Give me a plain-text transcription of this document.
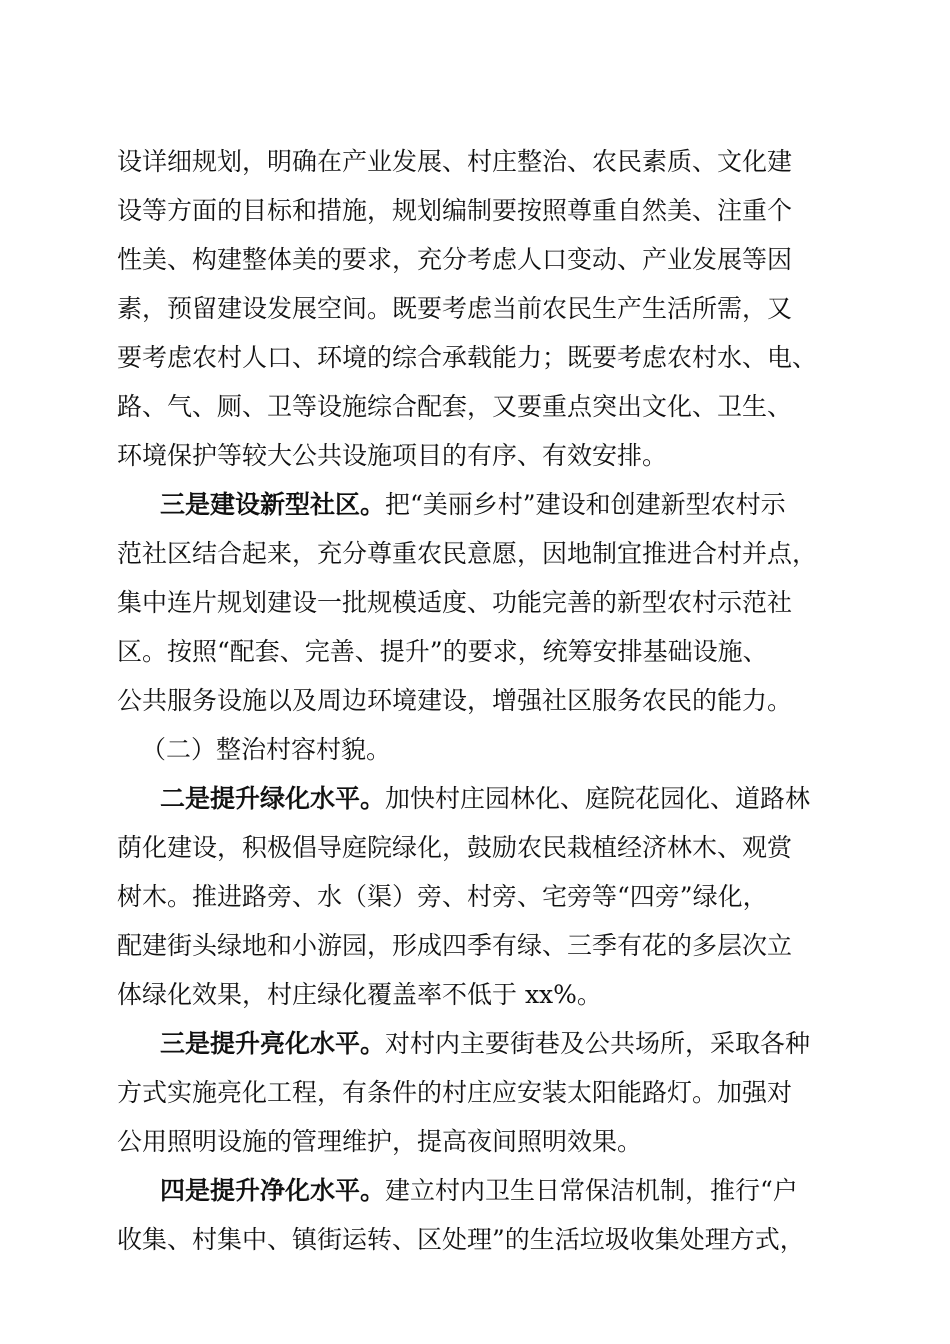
设详细规划，明确在产业发展、村庄整治、农民素质、文化建
设等方面的目标和措施，规划编制要按照尊重自然美、注重个
性美、构建整体美的要求，充分考虑人口变动、产业发展等因
素，预留建设发展空间。既要考虑当前农民生产生活所需，又
要考虑农村人口、环境的综合承载能力；既要考虑农村水、电、
路、气、厕、卫等设施综合配套，又要重点突出文化、卫生、
环境保护等较大公共设施项目的有序、有效安排。
三是建设新型社区。把“美丽乡村”建设和创建新型农村示
范社区结合起来，充分尊重农民意愿，因地制宜推进合村并点，
集中连片规划建设一批规模适度、功能完善的新型农村示范社
区。按照“配套、完善、提升”的要求，统筹安排基础设施、
公共服务设施以及周边环境建设，增强社区服务农民的能力。
（二）整治村容村貌。
二是提升绿化水平。加快村庄园林化、庭院花园化、道路林
荫化建设，积极倡导庭院绿化，鼓励农民栽植经济林木、观赏
树木。推进路旁、水（渠）旁、村旁、宅旁等“四旁”绿化，
配建街头绿地和小游园，形成四季有绿、三季有花的多层次立
体绿化效果，村庄绿化覆盖率不低于 xx%。
三是提升亮化水平。对村内主要街巷及公共场所，采取各种
方式实施亮化工程，有条件的村庄应安装太阳能路灯。加强对
公用照明设施的管理维护，提高夜间照明效果。
四是提升净化水平。建立村内卫生日常保洁机制，推行“户
收集、村集中、镇街运转、区处理”的生活垃圾收集处理方式，
